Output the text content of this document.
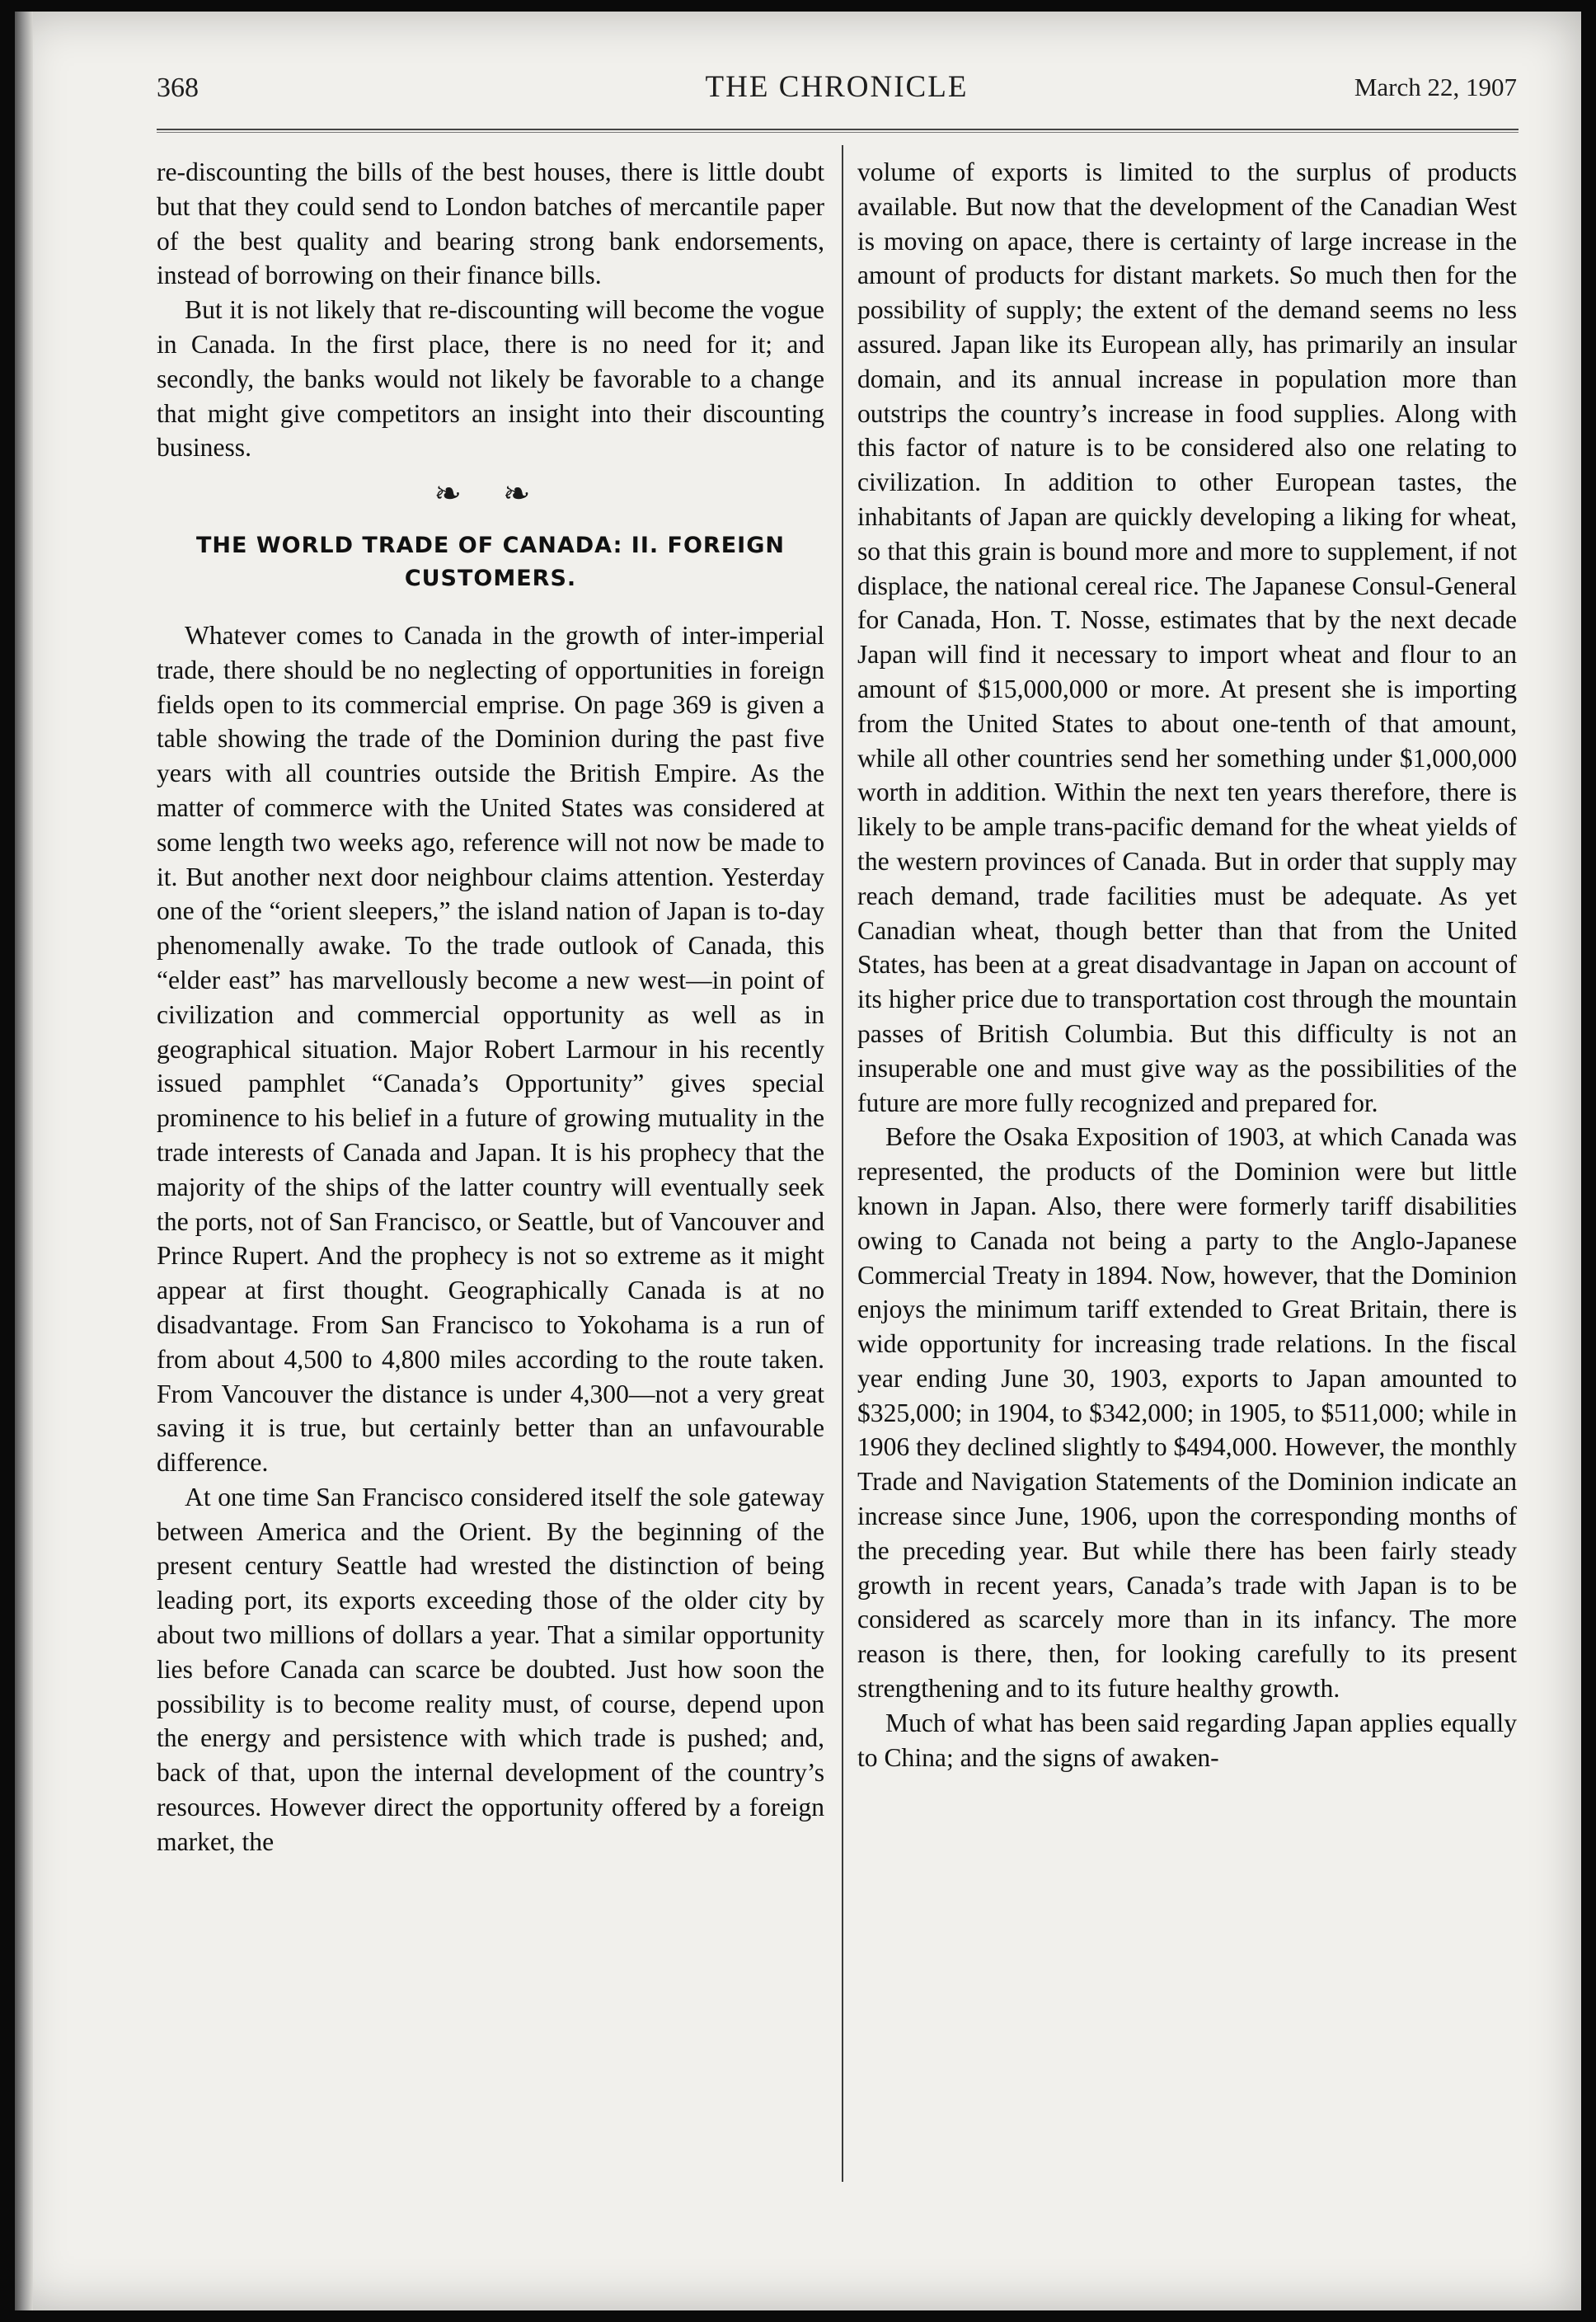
368	THE CHRONICLE	March 22, 1907

re-discounting the bills of the best houses, there is little doubt but that they could send to London batches of mercantile paper of the best quality and bearing strong bank endorsements, instead of borrowing on their finance bills.

But it is not likely that re-discounting will become the vogue in Canada. In the first place, there is no need for it; and secondly, the banks would not likely be favorable to a change that might give competitors an insight into their discounting business.

❧ ❧
THE WORLD TRADE OF CANADA: II. FOREIGN
CUSTOMERS.

Whatever comes to Canada in the growth of inter-imperial trade, there should be no neglecting of opportunities in foreign fields open to its commercial emprise. On page 369 is given a table showing the trade of the Dominion during the past five years with all countries outside the British Empire. As the matter of commerce with the United States was considered at some length two weeks ago, reference will not now be made to it. But another next door neighbour claims attention. Yesterday one of the “orient sleepers,” the island nation of Japan is to-day phenomenally awake. To the trade outlook of Canada, this “elder east” has marvellously become a new west—in point of civilization and commercial opportunity as well as in geographical situation. Major Robert Larmour in his recently issued pamphlet “Canada’s Opportunity” gives special prominence to his belief in a future of growing mutuality in the trade interests of Canada and Japan. It is his prophecy that the majority of the ships of the latter country will eventually seek the ports, not of San Francisco, or Seattle, but of Vancouver and Prince Rupert. And the prophecy is not so extreme as it might appear at first thought. Geographically Canada is at no disadvantage. From San Francisco to Yokohama is a run of from about 4,500 to 4,800 miles according to the route taken. From Vancouver the distance is under 4,300—not a very great saving it is true, but certainly better than an unfavourable difference.

At one time San Francisco considered itself the sole gateway between America and the Orient. By the beginning of the present century Seattle had wrested the distinction of being leading port, its exports exceeding those of the older city by about two millions of dollars a year. That a similar opportunity lies before Canada can scarce be doubted. Just how soon the possibility is to become reality must, of course, depend upon the energy and persistence with which trade is pushed; and, back of that, upon the internal development of the country’s resources. However direct the opportunity offered by a foreign market, the

volume of exports is limited to the surplus of products available. But now that the development of the Canadian West is moving on apace, there is certainty of large increase in the amount of products for distant markets. So much then for the possibility of supply; the extent of the demand seems no less assured. Japan like its European ally, has primarily an insular domain, and its annual increase in population more than outstrips the country’s increase in food supplies. Along with this factor of nature is to be considered also one relating to civilization. In addition to other European tastes, the inhabitants of Japan are quickly developing a liking for wheat, so that this grain is bound more and more to supplement, if not displace, the national cereal rice. The Japanese Consul-General for Canada, Hon. T. Nosse, estimates that by the next decade Japan will find it necessary to import wheat and flour to an amount of $15,000,000 or more. At present she is importing from the United States to about one-tenth of that amount, while all other countries send her something under $1,000,000 worth in addition. Within the next ten years therefore, there is likely to be ample trans-pacific demand for the wheat yields of the western provinces of Canada. But in order that supply may reach demand, trade facilities must be adequate. As yet Canadian wheat, though better than that from the United States, has been at a great disadvantage in Japan on account of its higher price due to transportation cost through the mountain passes of British Columbia. But this difficulty is not an insuperable one and must give way as the possibilities of the future are more fully recognized and prepared for.

Before the Osaka Exposition of 1903, at which Canada was represented, the products of the Dominion were but little known in Japan. Also, there were formerly tariff disabilities owing to Canada not being a party to the Anglo-Japanese Commercial Treaty in 1894. Now, however, that the Dominion enjoys the minimum tariff extended to Great Britain, there is wide opportunity for increasing trade relations. In the fiscal year ending June 30, 1903, exports to Japan amounted to $325,000; in 1904, to $342,000; in 1905, to $511,000; while in 1906 they declined slightly to $494,000. However, the monthly Trade and Navigation Statements of the Dominion indicate an increase since June, 1906, upon the corresponding months of the preceding year. But while there has been fairly steady growth in recent years, Canada’s trade with Japan is to be considered as scarcely more than in its infancy. The more reason is there, then, for looking carefully to its present strengthening and to its future healthy growth.

Much of what has been said regarding Japan applies equally to China; and the signs of awaken-
